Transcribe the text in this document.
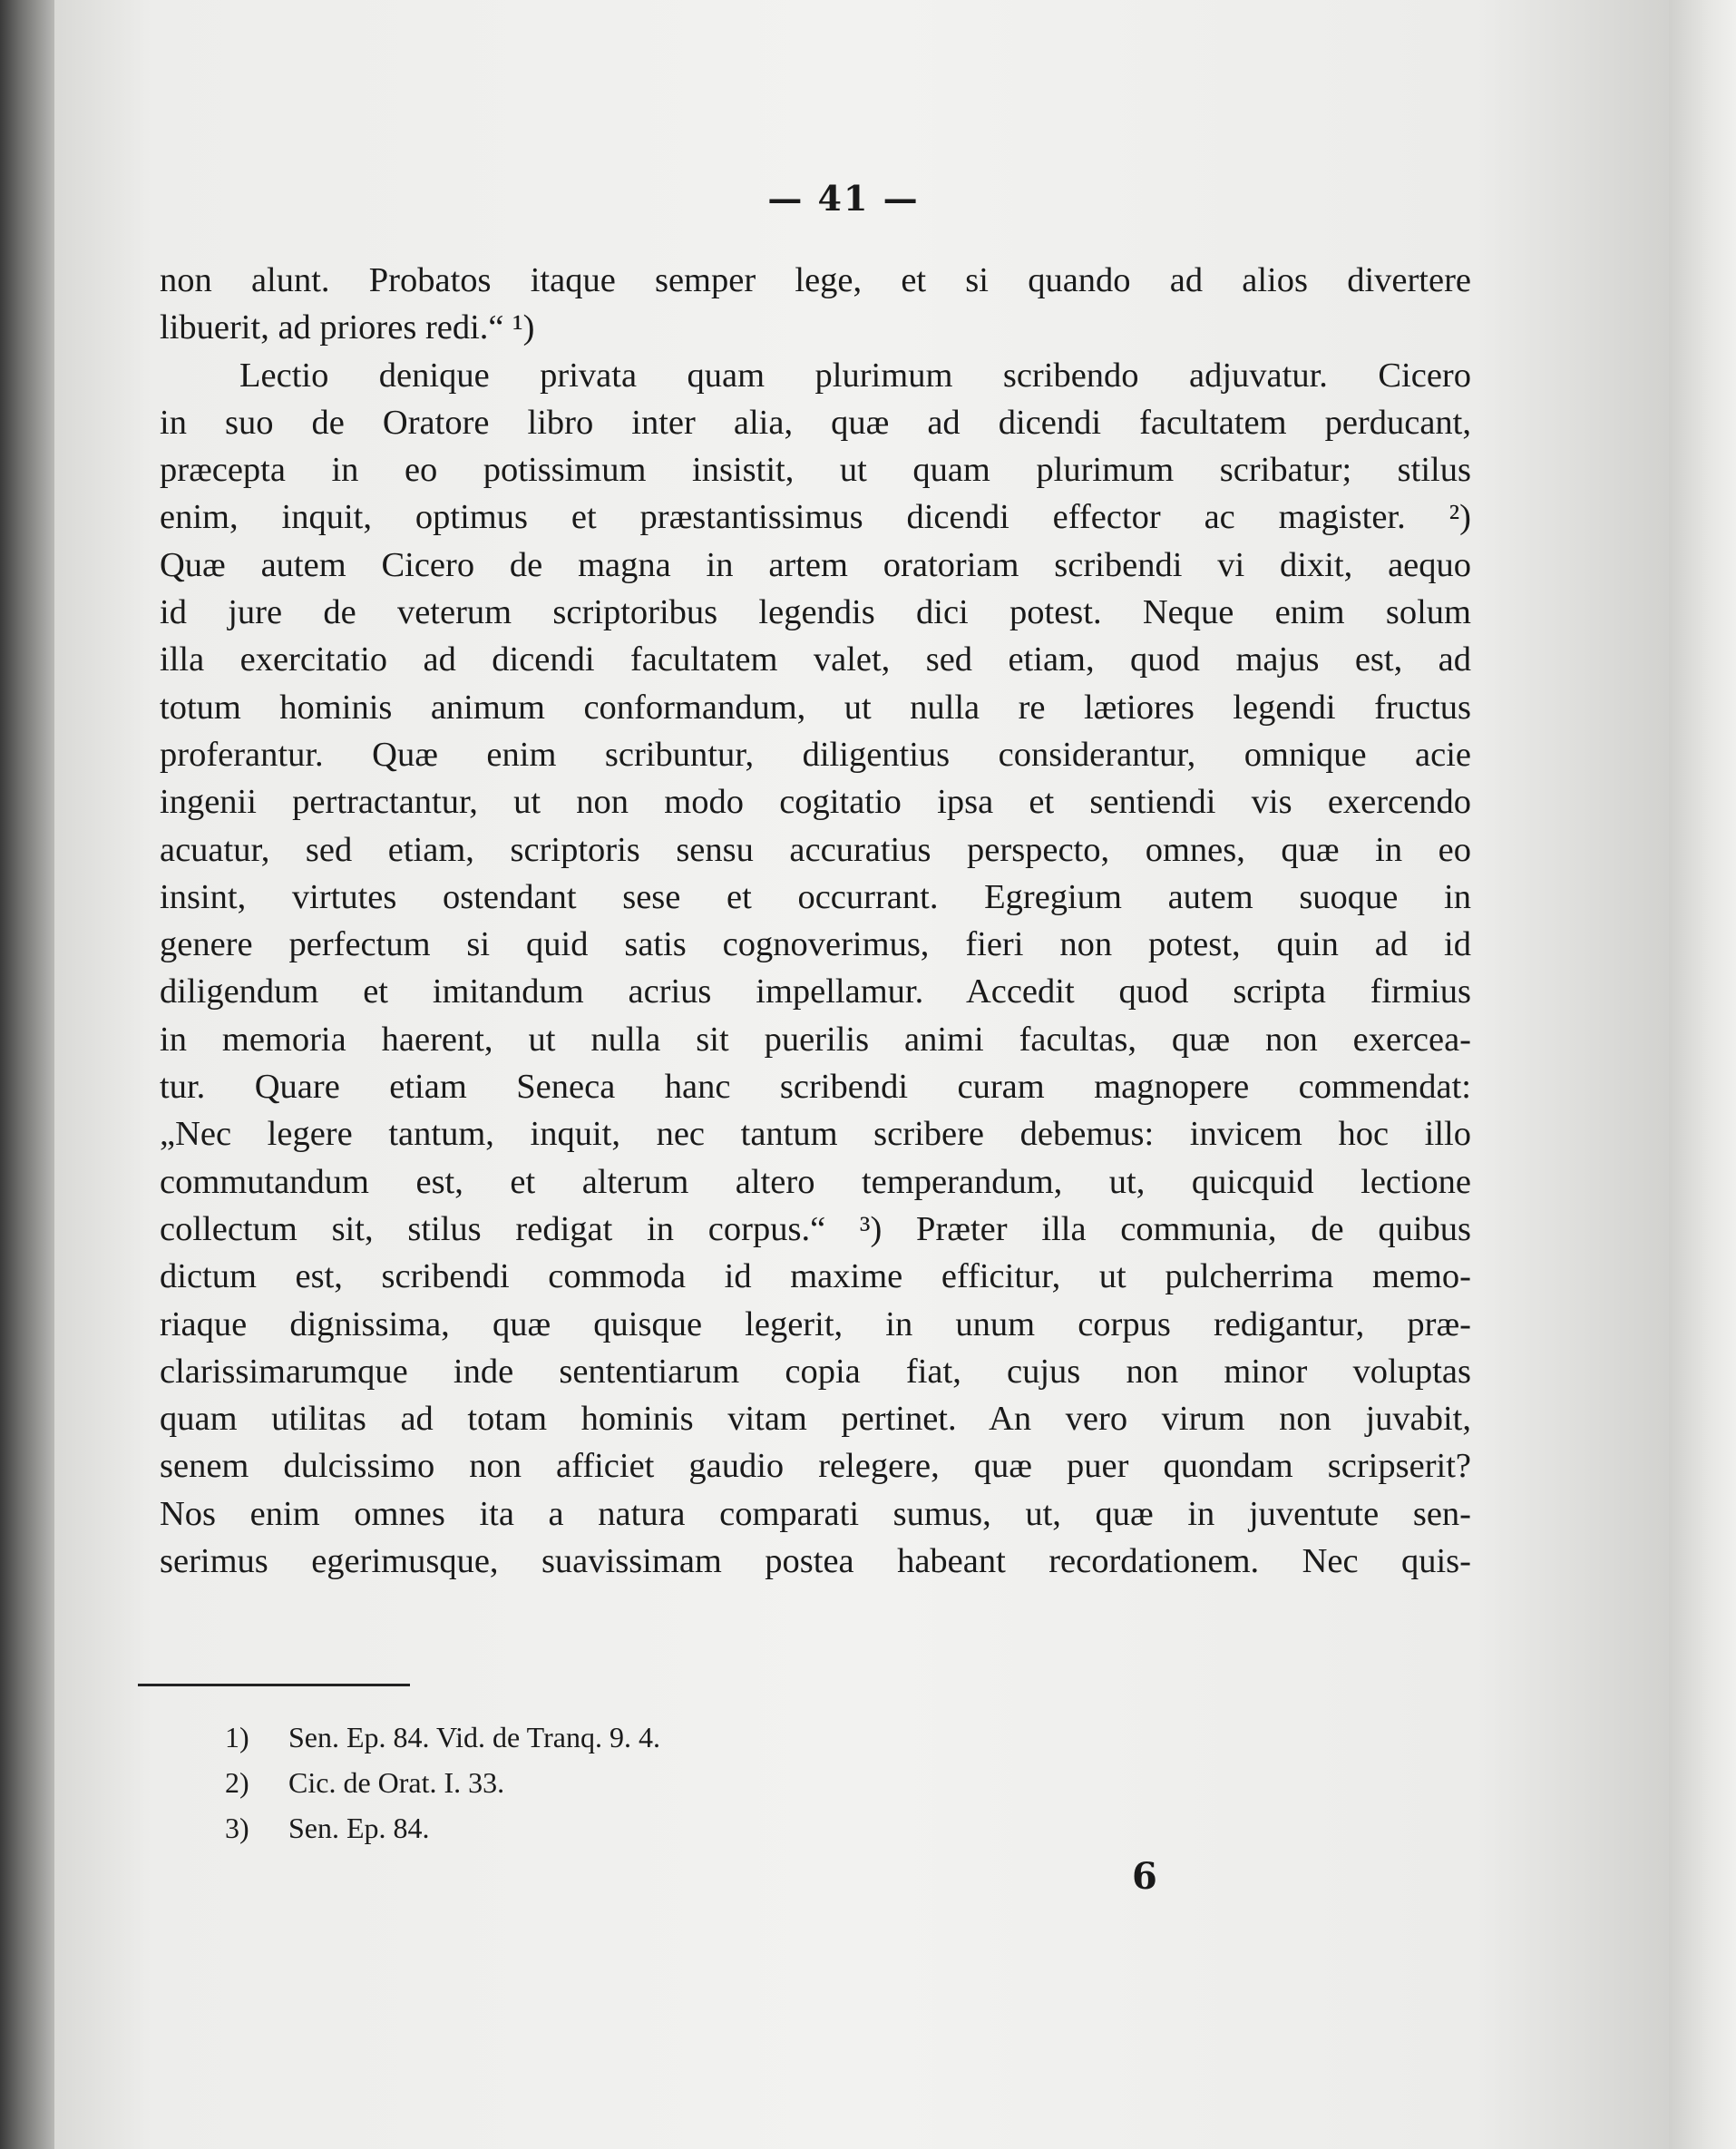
— 41 —
non alunt. Probatos itaque semper lege, et si quando ad alios divertere
libuerit, ad priores redi.“ ¹)
Lectio denique privata quam plurimum scribendo adjuvatur. Cicero
in suo de Oratore libro inter alia, quæ ad dicendi facultatem perducant,
præcepta in eo potissimum insistit, ut quam plurimum scribatur; stilus
enim, inquit, optimus et præstantissimus dicendi effector ac magister. ²)
Quæ autem Cicero de magna in artem oratoriam scribendi vi dixit, aequo
id jure de veterum scriptoribus legendis dici potest. Neque enim solum
illa exercitatio ad dicendi facultatem valet, sed etiam, quod majus est, ad
totum hominis animum conformandum, ut nulla re lætiores legendi fructus
proferantur. Quæ enim scribuntur, diligentius considerantur, omnique acie
ingenii pertractantur, ut non modo cogitatio ipsa et sentiendi vis exercendo
acuatur, sed etiam, scriptoris sensu accuratius perspecto, omnes, quæ in eo
insint, virtutes ostendant sese et occurrant. Egregium autem suoque in
genere perfectum si quid satis cognoverimus, fieri non potest, quin ad id
diligendum et imitandum acrius impellamur. Accedit quod scripta firmius
in memoria haerent, ut nulla sit puerilis animi facultas, quæ non exercea-
tur. Quare etiam Seneca hanc scribendi curam magnopere commendat:
„Nec legere tantum, inquit, nec tantum scribere debemus: invicem hoc illo
commutandum est, et alterum altero temperandum, ut, quicquid lectione
collectum sit, stilus redigat in corpus.“ ³) Præter illa communia, de quibus
dictum est, scribendi commoda id maxime efficitur, ut pulcherrima memo-
riaque dignissima, quæ quisque legerit, in unum corpus redigantur, præ-
clarissimarumque inde sententiarum copia fiat, cujus non minor voluptas
quam utilitas ad totam hominis vitam pertinet. An vero virum non juvabit,
senem dulcissimo non afficiet gaudio relegere, quæ puer quondam scripserit?
Nos enim omnes ita a natura comparati sumus, ut, quæ in juventute sen-
serimus egerimusque, suavissimam postea habeant recordationem. Nec quis-
1) Sen. Ep. 84. Vid. de Tranq. 9. 4.
2) Cic. de Orat. I. 33.
3) Sen. Ep. 84.
6
